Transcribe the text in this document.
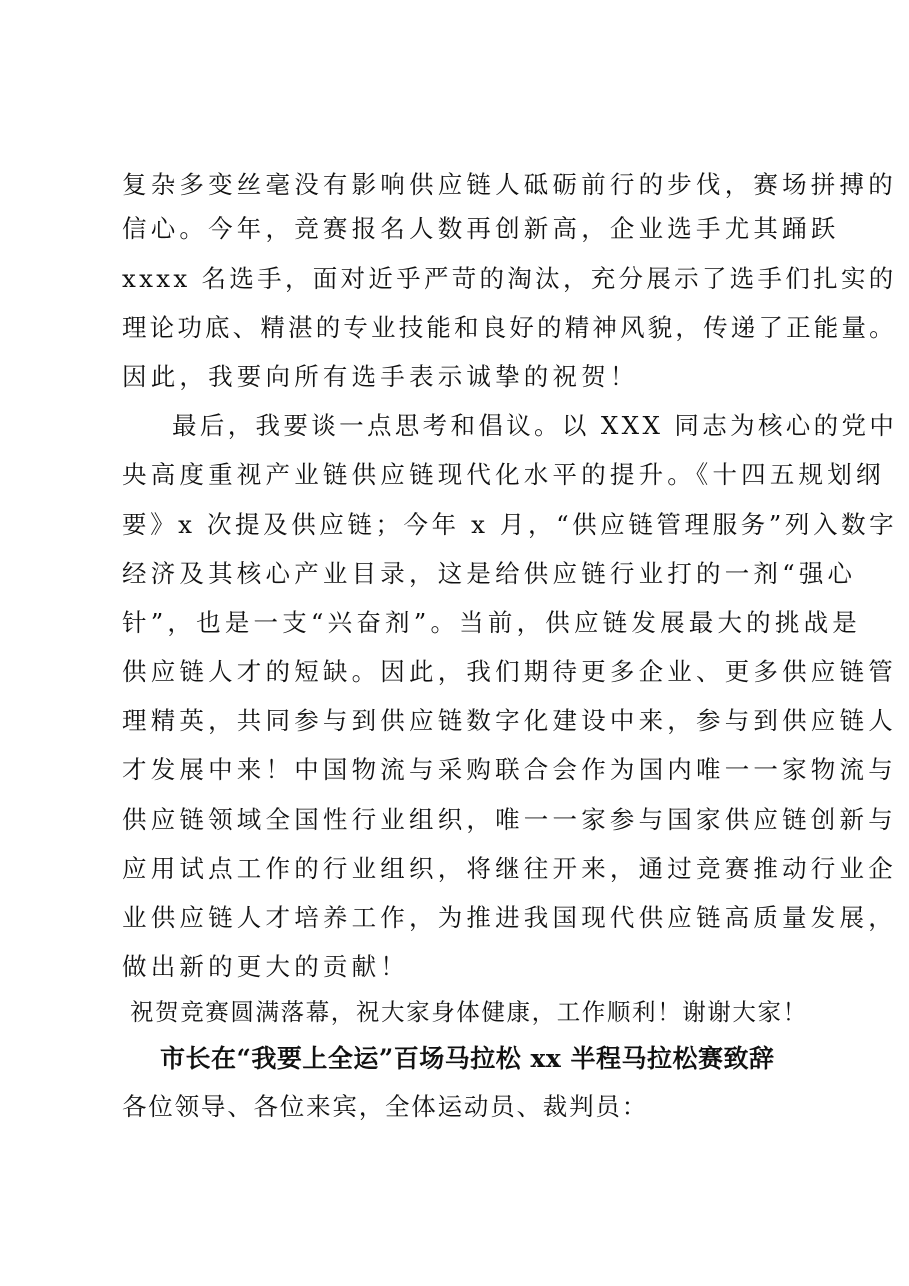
复杂多变丝毫没有影响供应链人砥砺前行的步伐，赛场拼搏的
信心。今年，竞赛报名人数再创新高，企业选手尤其踊跃
xxxx 名选手，面对近乎严苛的淘汰，充分展示了选手们扎实的
理论功底、精湛的专业技能和良好的精神风貌，传递了正能量。
因此，我要向所有选手表示诚挚的祝贺！
最后，我要谈一点思考和倡议。以 XXX 同志为核心的党中
央高度重视产业链供应链现代化水平的提升。《十四五规划纲
要》x 次提及供应链；今年 x 月，“供应链管理服务”列入数字
经济及其核心产业目录，这是给供应链行业打的一剂“强心
针”，也是一支“兴奋剂”。当前，供应链发展最大的挑战是
供应链人才的短缺。因此，我们期待更多企业、更多供应链管
理精英，共同参与到供应链数字化建设中来，参与到供应链人
才发展中来！中国物流与采购联合会作为国内唯一一家物流与
供应链领域全国性行业组织，唯一一家参与国家供应链创新与
应用试点工作的行业组织，将继往开来，通过竞赛推动行业企
业供应链人才培养工作，为推进我国现代供应链高质量发展，
做出新的更大的贡献！
祝贺竞赛圆满落幕，祝大家身体健康，工作顺利！谢谢大家！
市长在“我要上全运”百场马拉松 xx 半程马拉松赛致辞
各位领导、各位来宾，全体运动员、裁判员：
